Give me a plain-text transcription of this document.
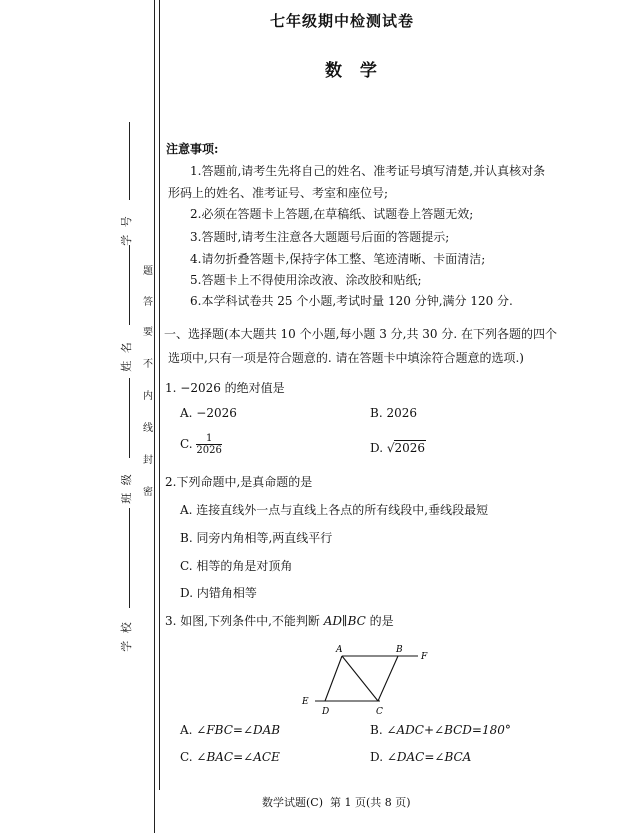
学 号
姓 名
班 级
学 校
题
答
要
不
内
线
封
密
七年级期中检测试卷
数 学
注意事项:
1.答题前,请考生先将自己的姓名、准考证号填写清楚,并认真核对条
形码上的姓名、准考证号、考室和座位号;
2.必须在答题卡上答题,在草稿纸、试题卷上答题无效;
3.答题时,请考生注意各大题题号后面的答题提示;
4.请勿折叠答题卡,保持字体工整、笔迹清晰、卡面清洁;
5.答题卡上不得使用涂改液、涂改胶和贴纸;
6.本学科试卷共 25 个小题,考试时量 120 分钟,满分 120 分.
一、选择题(本大题共 10 个小题,每小题 3 分,共 30 分. 在下列各题的四个
选项中,只有一项是符合题意的. 请在答题卡中填涂符合题意的选项.)
1. −2026 的绝对值是
A. −2026	B. 2026
C. $\frac{1}{2026}$	D. √2026
2.下列命题中,是真命题的是
A. 连接直线外一点与直线上各点的所有线段中,垂线段最短
B. 同旁内角相等,两直线平行
C. 相等的角是对顶角
D. 内错角相等
3. 如图,下列条件中,不能判断 AD∥BC 的是
A	B
F
E
D	C
A. ∠FBC=∠DAB	B. ∠ADC+∠BCD=180°
C. ∠BAC=∠ACE	D. ∠DAC=∠BCA
数学试题(C)  第 1 页(共 8 页)
